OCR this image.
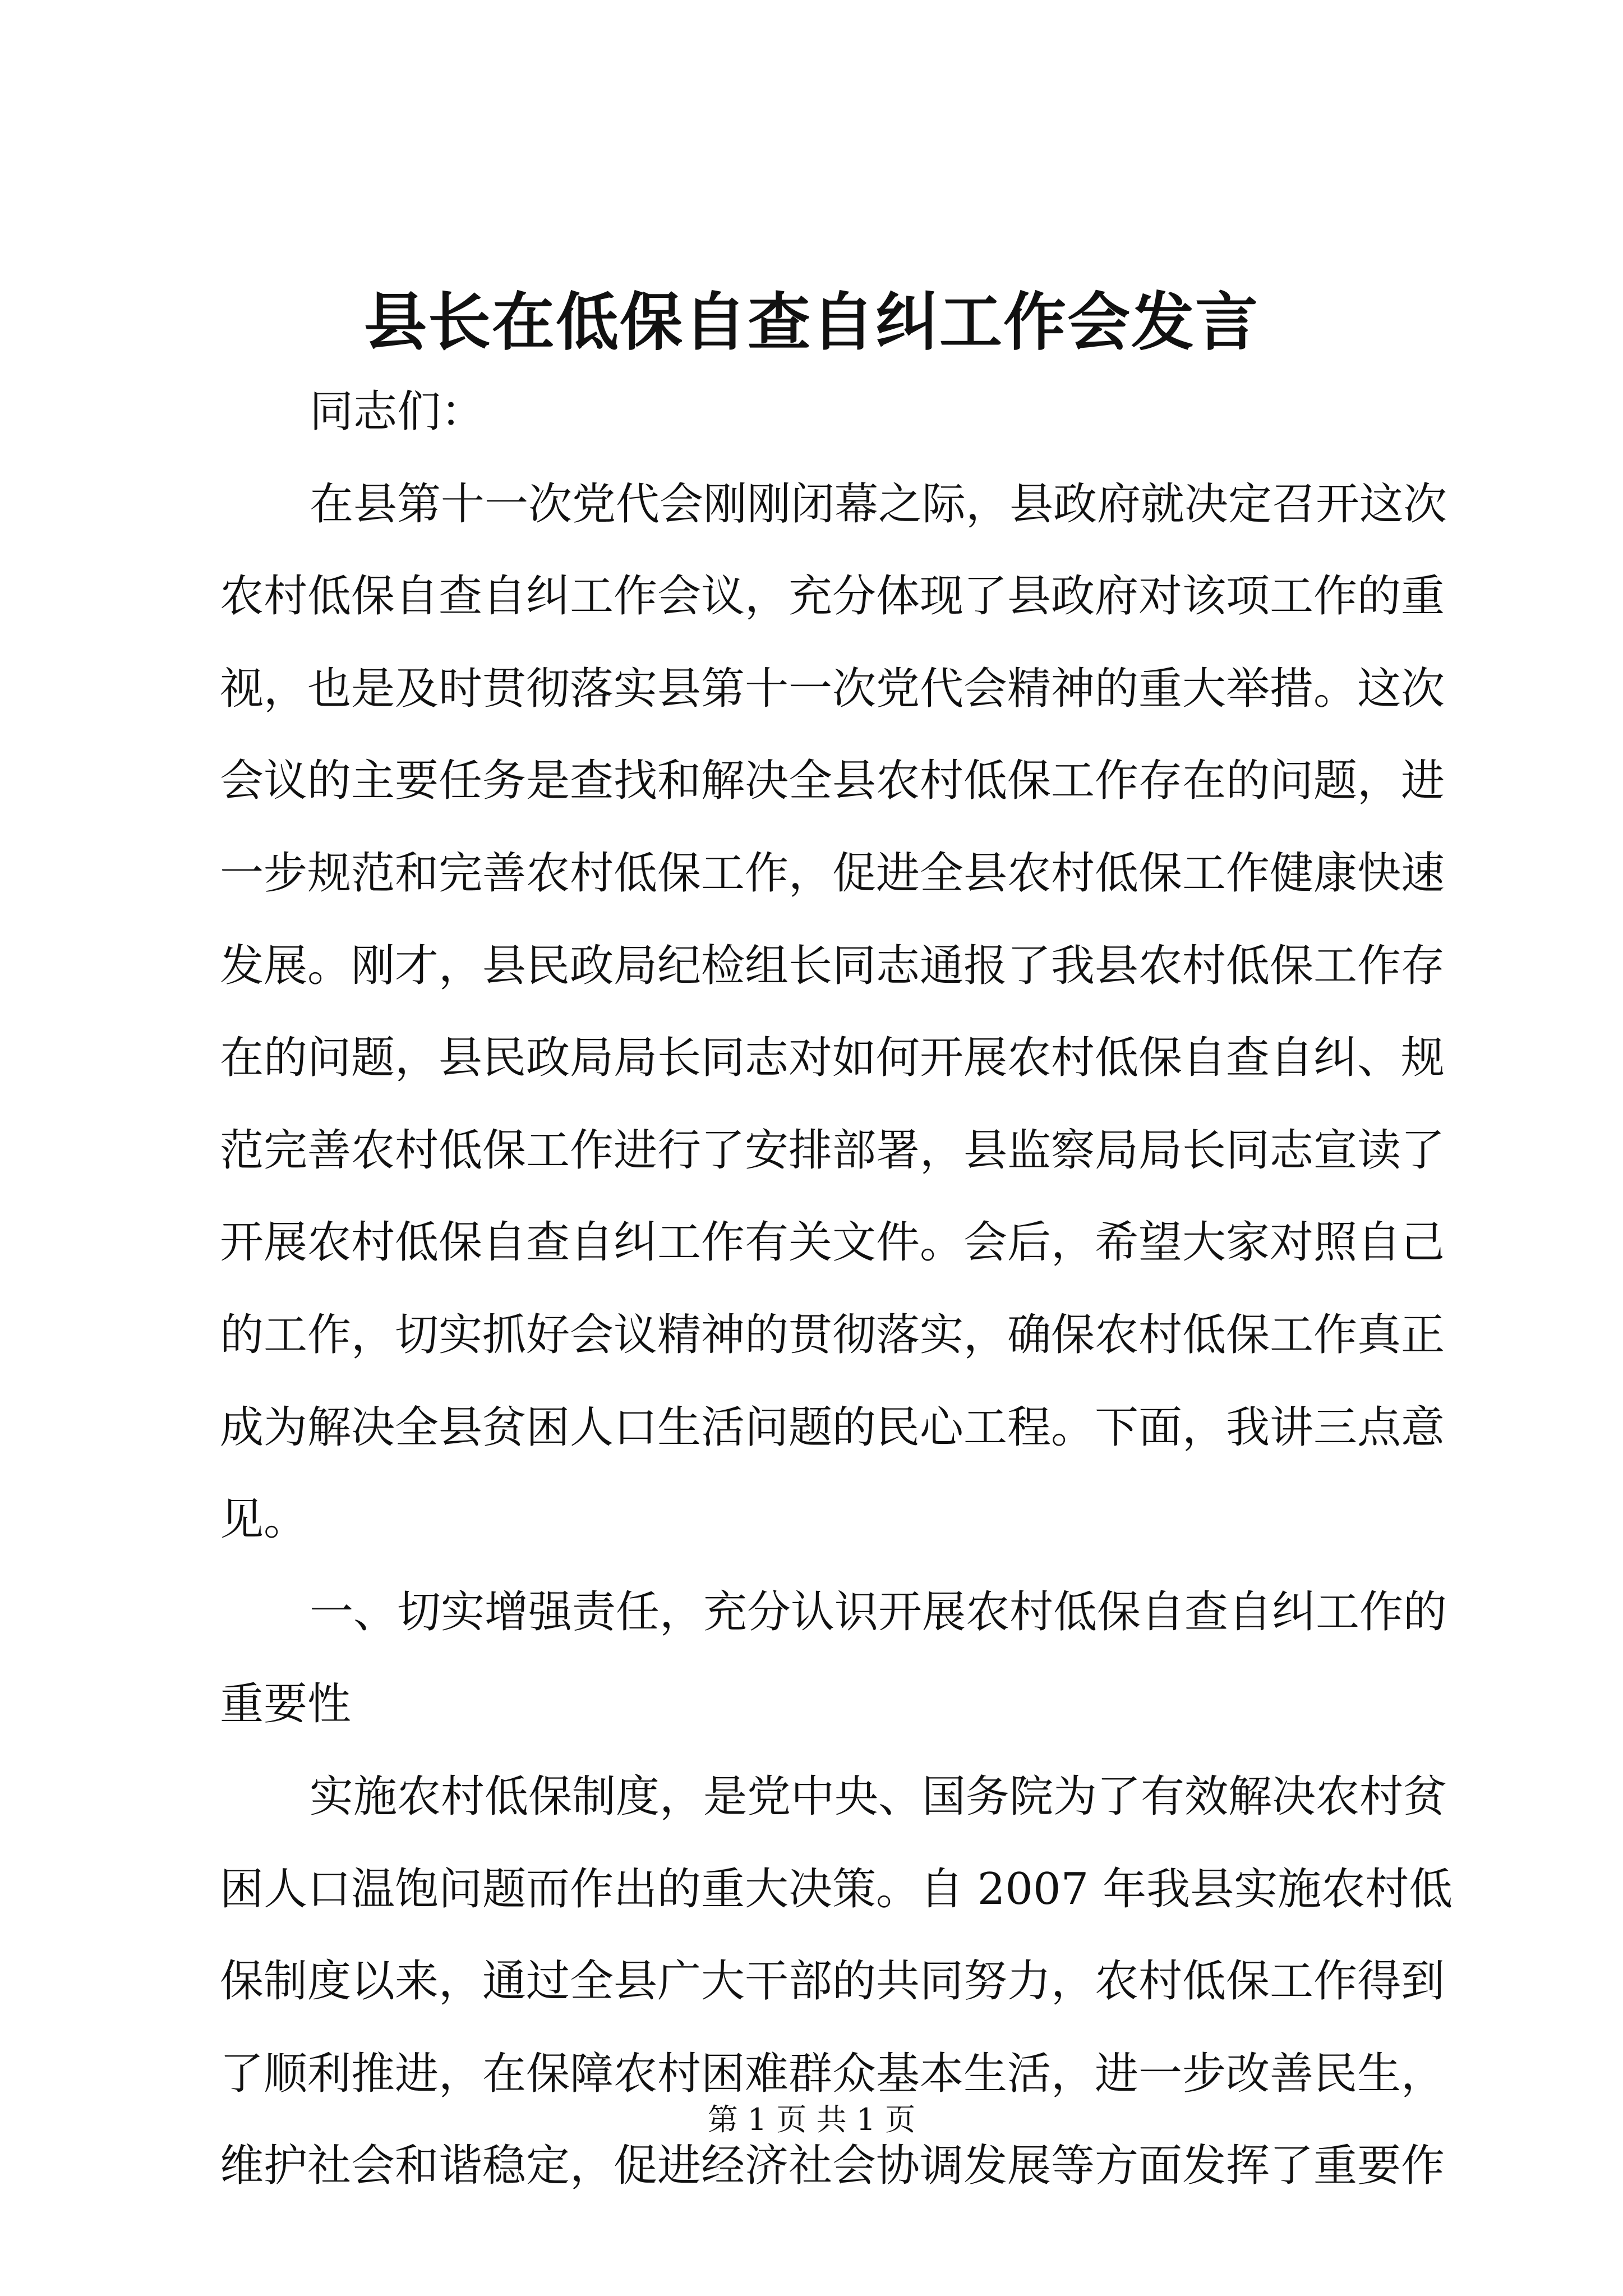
县长在低保自查自纠工作会发言
同志们：
在县第十一次党代会刚刚闭幕之际，县政府就决定召开这次
农村低保自查自纠工作会议，充分体现了县政府对该项工作的重
视，也是及时贯彻落实县第十一次党代会精神的重大举措。这次
会议的主要任务是查找和解决全县农村低保工作存在的问题，进
一步规范和完善农村低保工作，促进全县农村低保工作健康快速
发展。刚才，县民政局纪检组长同志通报了我县农村低保工作存
在的问题，县民政局局长同志对如何开展农村低保自查自纠、规
范完善农村低保工作进行了安排部署，县监察局局长同志宣读了
开展农村低保自查自纠工作有关文件。会后，希望大家对照自己
的工作，切实抓好会议精神的贯彻落实，确保农村低保工作真正
成为解决全县贫困人口生活问题的民心工程。下面，我讲三点意
见。
一、切实增强责任，充分认识开展农村低保自查自纠工作的
重要性
实施农村低保制度，是党中央、国务院为了有效解决农村贫
困人口温饱问题而作出的重大决策。自 2007 年我县实施农村低
保制度以来，通过全县广大干部的共同努力，农村低保工作得到
了顺利推进，在保障农村困难群众基本生活，进一步改善民生，
维护社会和谐稳定，促进经济社会协调发展等方面发挥了重要作
第 1 页 共 1 页
